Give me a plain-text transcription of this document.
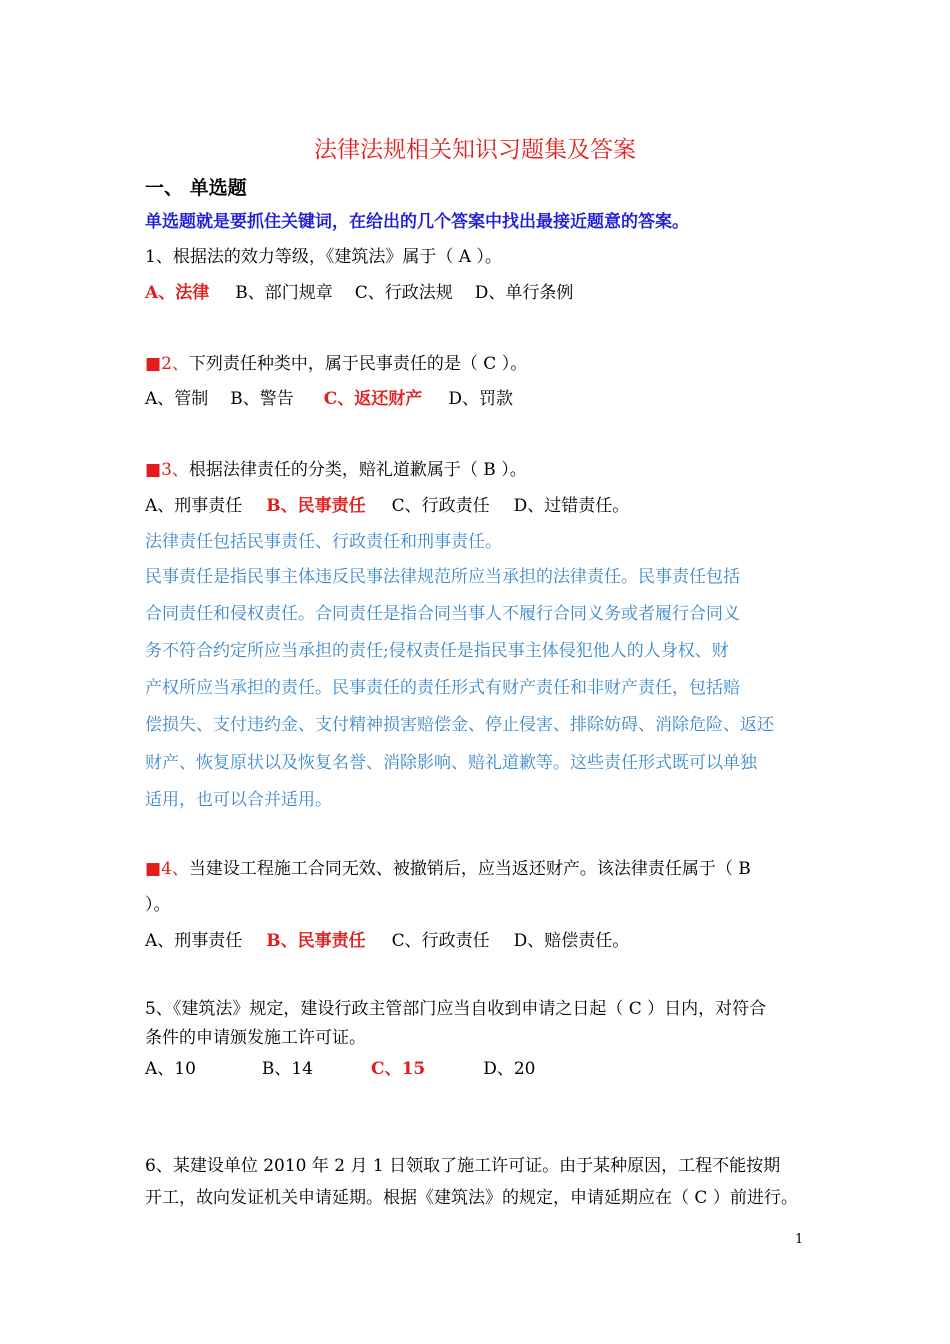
法律法规相关知识习题集及答案
一、 单选题
单选题就是要抓住关键词，在给出的几个答案中找出最接近题意的答案。
1、根据法的效力等级，《建筑法》属于（ A ）。
A、法律 B、部门规章 C、行政法规 D、单行条例
■2、下列责任种类中，属于民事责任的是（ C ）。
A、管制 B、警告 C、返还财产 D、罚款
■3、根据法律责任的分类，赔礼道歉属于（ B ）。
A、刑事责任 B、民事责任 C、行政责任 D、过错责任。
法律责任包括民事责任、行政责任和刑事责任。
民事责任是指民事主体违反民事法律规范所应当承担的法律责任。民事责任包括
合同责任和侵权责任。合同责任是指合同当事人不履行合同义务或者履行合同义
务不符合约定所应当承担的责任;侵权责任是指民事主体侵犯他人的人身权、财
产权所应当承担的责任。民事责任的责任形式有财产责任和非财产责任，包括赔
偿损失、支付违约金、支付精神损害赔偿金、停止侵害、排除妨碍、消除危险、返还
财产、恢复原状以及恢复名誉、消除影响、赔礼道歉等。这些责任形式既可以单独
适用，也可以合并适用。
■4、当建设工程施工合同无效、被撤销后，应当返还财产。该法律责任属于（ B
）。
A、刑事责任 B、民事责任 C、行政责任 D、赔偿责任。
5、《建筑法》规定，建设行政主管部门应当自收到申请之日起（ C ）日内，对符合
条件的申请颁发施工许可证。
A、10	B、14	C、15	D、20
6、某建设单位 2010 年 2 月 1 日领取了施工许可证。由于某种原因，工程不能按期
开工，故向发证机关申请延期。根据《建筑法》的规定，申请延期应在（ C ）前进行。
1
